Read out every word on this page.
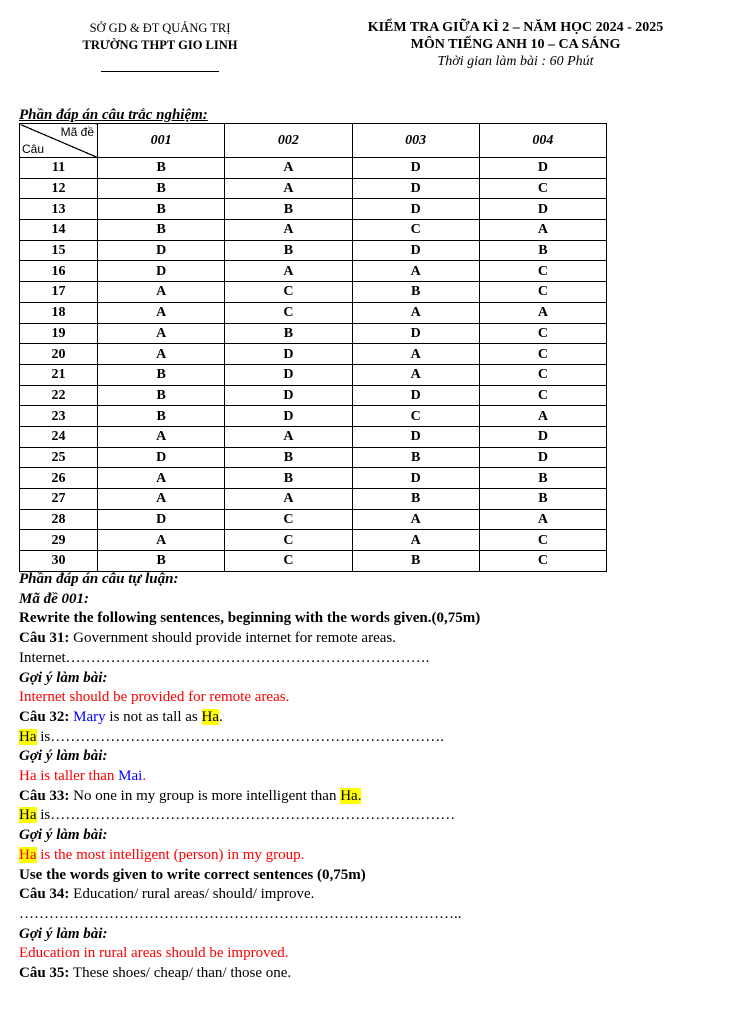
SỞ GD & ĐT QUẢNG TRỊ
TRƯỜNG THPT GIO LINH
KIỂM TRA GIỮA KÌ 2 – NĂM HỌC 2024 - 2025
MÔN TIẾNG ANH 10 – CA SÁNG
Thời gian làm bài : 60 Phút
Phần đáp án câu trắc nghiệm:
Mã đề
Câu	001	002	003	004
11	B	A	D	D
12	B	A	D	C
13	B	B	D	D
14	B	A	C	A
15	D	B	D	B
16	D	A	A	C
17	A	C	B	C
18	A	C	A	A
19	A	B	D	C
20	A	D	A	C
21	B	D	A	C
22	B	D	D	C
23	B	D	C	A
24	A	A	D	D
25	D	B	B	D
26	A	B	D	B
27	A	A	B	B
28	D	C	A	A
29	A	C	A	C
30	B	C	B	C
Phần đáp án câu tự luận:
Mã đề 001:
Rewrite the following sentences, beginning with the words given.(0,75m)
Câu 31: Government should provide internet for remote areas.
Internet……………………………………………………………….
Gợi ý làm bài:
Internet should be provided for remote areas.
Câu 32: Mary is not as tall as Ha.
Ha is…………………………………………………………………….
Gợi ý làm bài:
Ha is taller than Mai.
Câu 33: No one in my group is more intelligent than Ha.
Ha is………………………………………………………………………
Gợi ý làm bài:
Ha is the most intelligent (person) in my group.
Use the words given to write correct sentences (0,75m)
Câu 34: Education/ rural areas/ should/ improve.
……………………………………………………………………………..
Gợi ý làm bài:
Education in rural areas should be improved.
Câu 35: These shoes/ cheap/ than/ those one.
